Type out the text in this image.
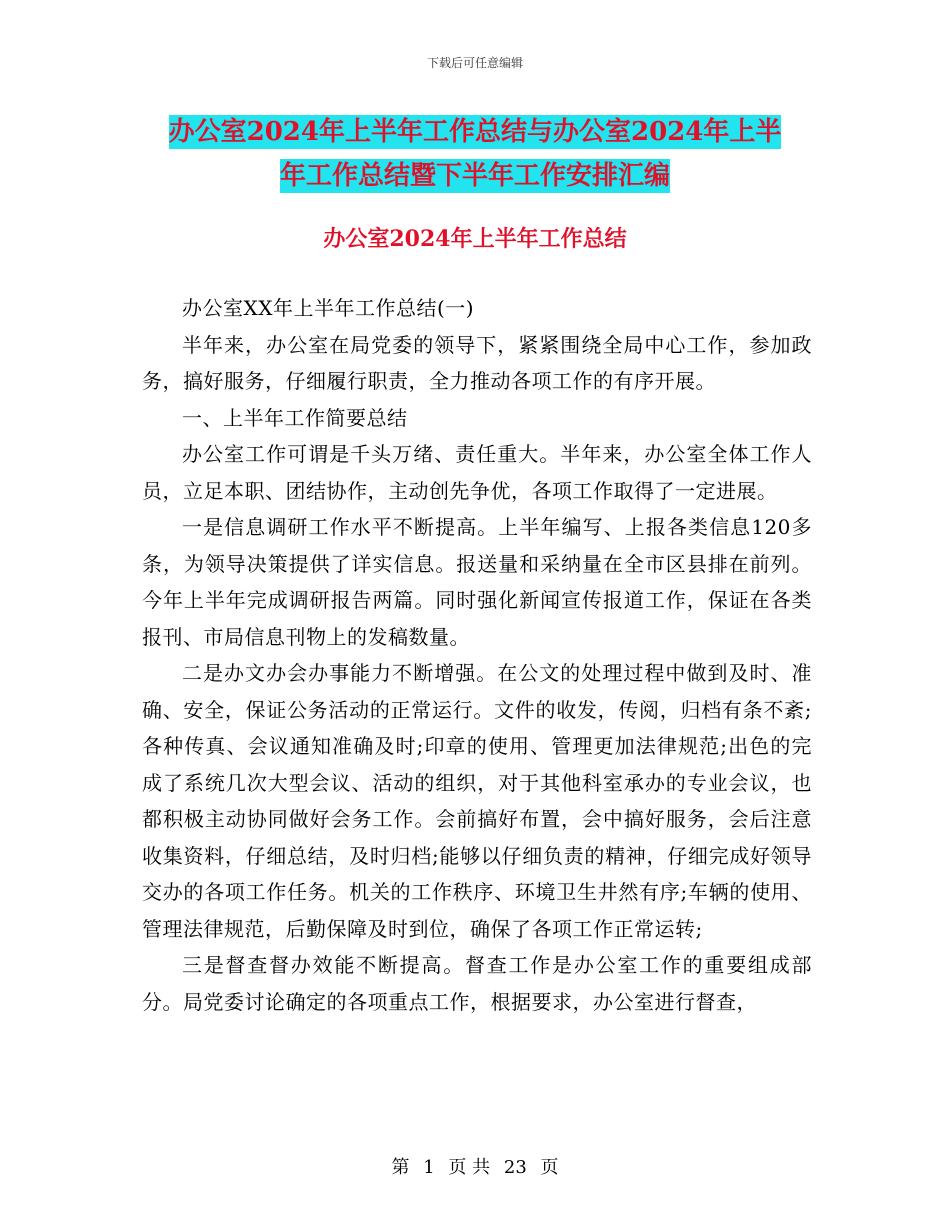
下载后可任意编辑
办公室2024年上半年工作总结与办公室2024年上半
年工作总结暨下半年工作安排汇编
办公室2024年上半年工作总结

办公室XX年上半年工作总结(一)

半年来，办公室在局党委的领导下，紧紧围绕全局中心工作，参加政务，搞好服务，仔细履行职责，全力推动各项工作的有序开展。

一、上半年工作简要总结

办公室工作可谓是千头万绪、责任重大。半年来，办公室全体工作人员，立足本职、团结协作，主动创先争优，各项工作取得了一定进展。

一是信息调研工作水平不断提高。上半年编写、上报各类信息120多条，为领导决策提供了详实信息。报送量和采纳量在全市区县排在前列。今年上半年完成调研报告两篇。同时强化新闻宣传报道工作，保证在各类报刊、市局信息刊物上的发稿数量。

二是办文办会办事能力不断增强。在公文的处理过程中做到及时、准确、安全，保证公务活动的正常运行。文件的收发，传阅，归档有条不紊;各种传真、会议通知准确及时;印章的使用、管理更加法律规范;出色的完成了系统几次大型会议、活动的组织，对于其他科室承办的专业会议，也都积极主动协同做好会务工作。会前搞好布置，会中搞好服务，会后注意收集资料，仔细总结，及时归档;能够以仔细负责的精神，仔细完成好领导交办的各项工作任务。机关的工作秩序、环境卫生井然有序;车辆的使用、管理法律规范，后勤保障及时到位，确保了各项工作正常运转;

三是督查督办效能不断提高。督查工作是办公室工作的重要组成部分。局党委讨论确定的各项重点工作，根据要求，办公室进行督查，

第 1 页 共 23 页
